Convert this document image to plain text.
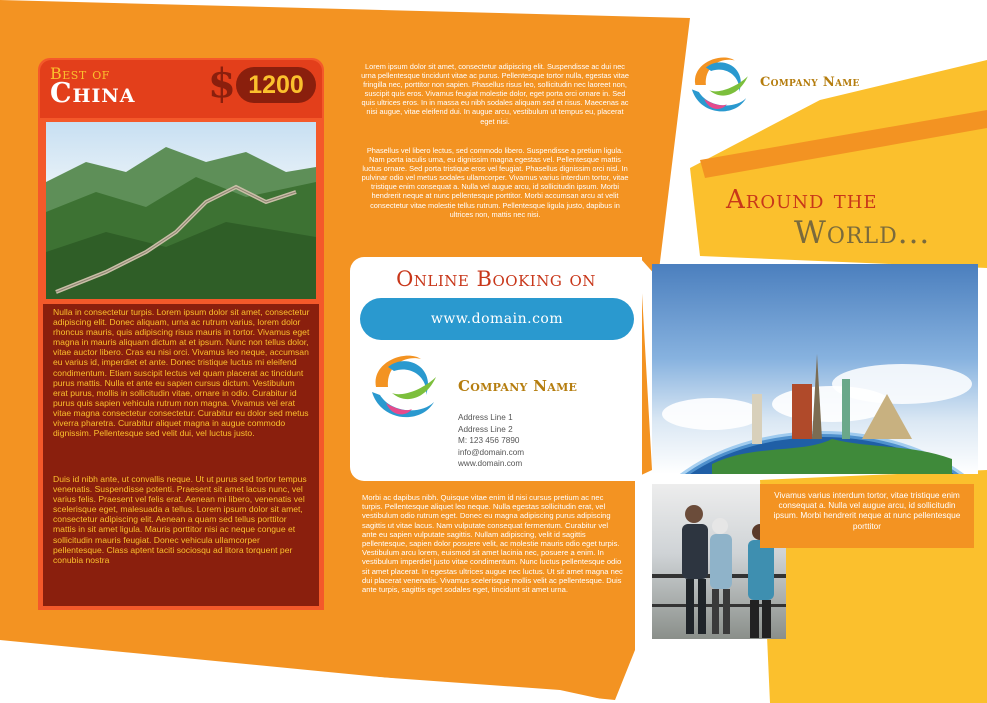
Best of
China $ 1200

Nulla in consectetur turpis. Lorem ipsum dolor sit amet, consectetur adipiscing elit. Donec aliquam, urna ac rutrum varius, lorem dolor rhoncus mauris, quis adipiscing risus mauris in tortor. Vivamus eget magna in mauris aliquam dictum at et ipsum. Nunc non tellus dolor, vitae auctor libero. Cras eu nisi orci. Vivamus leo neque, accumsan eu varius id, imperdiet et ante. Donec tristique luctus mi eleifend condimentum. Etiam suscipit lectus vel quam placerat ac tincidunt purus mattis. Nulla et ante eu sapien cursus dictum. Vestibulum erat purus, mollis in sollicitudin vitae, ornare in odio. Curabitur id purus quis sapien vehicula rutrum non magna. Vivamus vel erat vitae magna consectetur consectetur. Curabitur eu dolor sed metus viverra pharetra. Curabitur aliquet magna in augue commodo dignissim. Pellentesque sed velit dui, vel luctus justo.

Duis id nibh ante, ut convallis neque. Ut ut purus sed tortor tempus venenatis. Suspendisse potenti. Praesent sit amet lacus nunc, vel varius felis. Praesent vel felis erat. Aenean mi libero, venenatis vel scelerisque eget, malesuada a tellus. Lorem ipsum dolor sit amet, consectetur adipiscing elit. Aenean a quam sed tellus porttitor mattis in sit amet ligula. Mauris porttitor nisi ac neque congue et sollicitudin mauris feugiat. Donec vehicula ullamcorper pellentesque. Class aptent taciti sociosqu ad litora torquent per conubia nostra

Lorem ipsum dolor sit amet, consectetur adipiscing elit. Suspendisse ac dui nec urna pellentesque tincidunt vitae ac purus. Pellentesque tortor nulla, egestas vitae fringilla nec, porttitor non sapien. Phasellus risus leo, sollicitudin nec laoreet non, suscipit quis eros. Vivamus feugiat molestie dolor, eget porta orci ornare in. Sed quis ultrices eros. In in massa eu nibh sodales aliquam sed et risus. Maecenas ac nisi augue, vitae eleifend dui. In augue arcu, vestibulum ut tempus eu, placerat eget nisi.

Phasellus vel libero lectus, sed commodo libero. Suspendisse a pretium ligula. Nam porta iaculis urna, eu dignissim magna egestas vel. Pellentesque mattis luctus ornare. Sed porta tristique eros vel feugiat. Phasellus dignissim orci nisl. In pulvinar odio vel metus sodales ullamcorper. Vivamus varius interdum tortor, vitae tristique enim consequat a. Nulla vel augue arcu, id sollicitudin ipsum. Morbi hendrerit neque at nunc pellentesque porttitor. Morbi accumsan arcu at velit consectetur vitae molestie tellus rutrum. Pellentesque ligula justo, dapibus in ultrices non, mattis nec nisi.

Online Booking on
www.domain.com
Company Name
Address Line 1
Address Line 2
M: 123 456 7890
info@domain.com
www.domain.com

Morbi ac dapibus nibh. Quisque vitae enim id nisi cursus pretium ac nec turpis. Pellentesque aliquet leo neque. Nulla egestas sollicitudin erat, vel vestibulum odio rutrum eget. Donec eu magna adipiscing purus adipiscing sagittis ut vitae lacus. Nam vulputate consequat fermentum. Curabitur vel ante eu sapien vulputate sagittis. Nullam adipiscing, velit id sagittis pellentesque, sapien dolor posuere velit, ac molestie mauris odio eget turpis. Vestibulum arcu lorem, euismod sit amet lacinia nec, posuere a enim. In vestibulum imperdiet justo vitae condimentum. Nunc luctus pellentesque odio sit amet placerat. In egestas ultrices augue nec luctus. Ut sit amet magna nec dui placerat venenatis. Vivamus scelerisque mollis velit ac pellentesque. Duis ante turpis, sagittis eget sodales eget, tincidunt sit amet urna.

Company Name
Around the
World...

Vivamus varius interdum tortor, vitae tristique enim consequat a. Nulla vel augue arcu, id sollicitudin ipsum. Morbi hendrerit neque at nunc pellentesque porttitor
